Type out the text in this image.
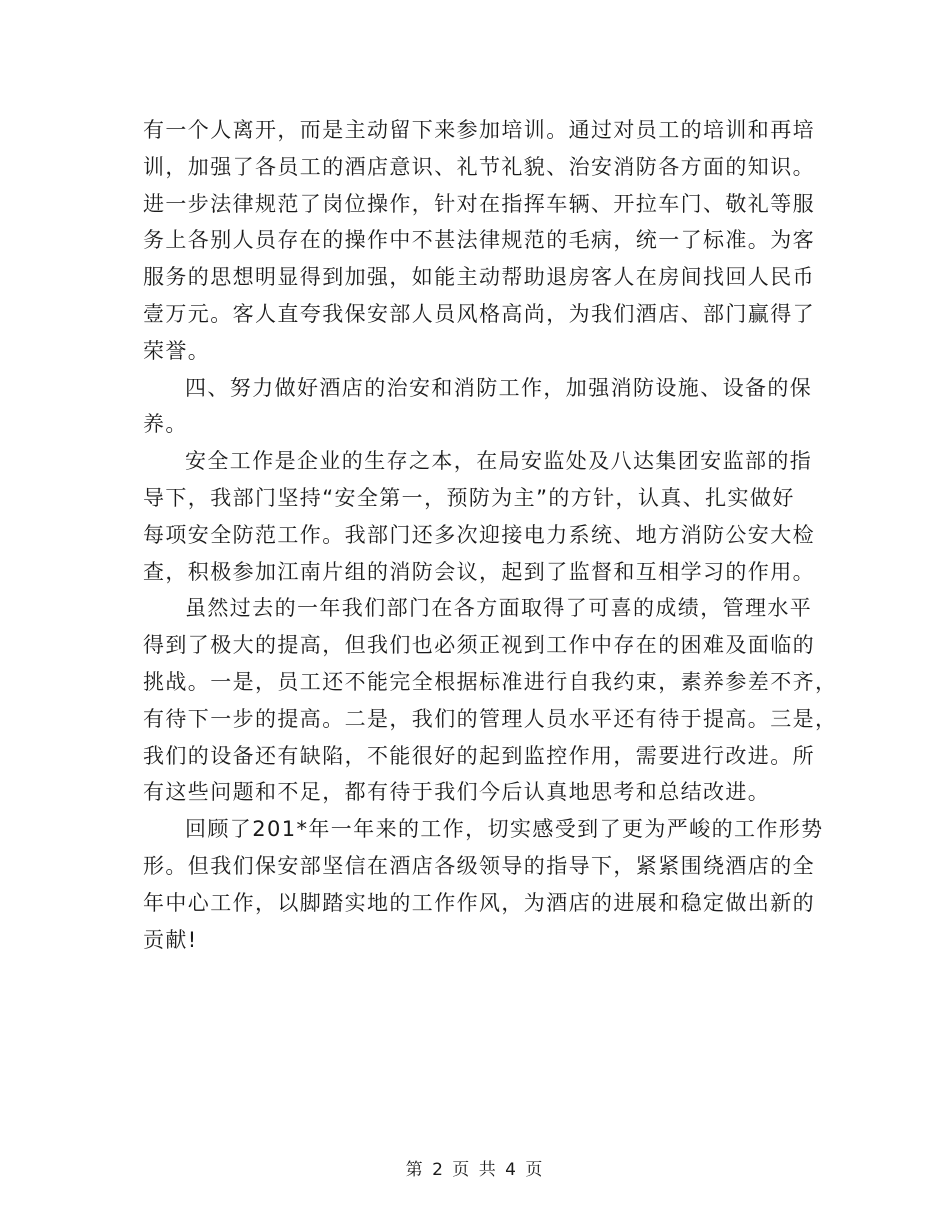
有一个人离开，而是主动留下来参加培训。通过对员工的培训和再培
训，加强了各员工的酒店意识、礼节礼貌、治安消防各方面的知识。
进一步法律规范了岗位操作，针对在指挥车辆、开拉车门、敬礼等服
务上各别人员存在的操作中不甚法律规范的毛病，统一了标准。为客
服务的思想明显得到加强，如能主动帮助退房客人在房间找回人民币
壹万元。客人直夸我保安部人员风格高尚，为我们酒店、部门赢得了
荣誉。
四、努力做好酒店的治安和消防工作，加强消防设施、设备的保
养。
安全工作是企业的生存之本，在局安监处及八达集团安监部的指
导下，我部门坚持“安全第一，预防为主”的方针，认真、扎实做好
每项安全防范工作。我部门还多次迎接电力系统、地方消防公安大检
查，积极参加江南片组的消防会议，起到了监督和互相学习的作用。
虽然过去的一年我们部门在各方面取得了可喜的成绩，管理水平
得到了极大的提高，但我们也必须正视到工作中存在的困难及面临的
挑战。一是，员工还不能完全根据标准进行自我约束，素养参差不齐，
有待下一步的提高。二是，我们的管理人员水平还有待于提高。三是，
我们的设备还有缺陷，不能很好的起到监控作用，需要进行改进。所
有这些问题和不足，都有待于我们今后认真地思考和总结改进。
回顾了201*年一年来的工作，切实感受到了更为严峻的工作形势
形。但我们保安部坚信在酒店各级领导的指导下，紧紧围绕酒店的全
年中心工作，以脚踏实地的工作作风，为酒店的进展和稳定做出新的
贡献!
第 2 页 共 4 页
